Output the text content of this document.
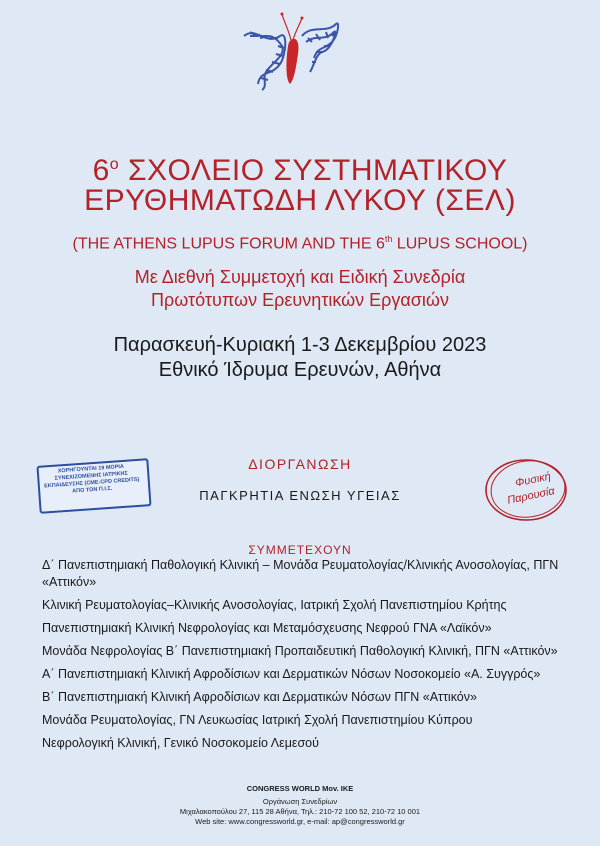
$6^o$ ΣΧΟΛΕΙΟ ΣΥΣΤΗΜΑΤΙΚΟΥ
ΕΡΥΘΗΜΑΤΩΔΗ ΛΥΚΟΥ (ΣΕΛ)
(THE ATHENS LUPUS FORUM AND THE 6th LUPUS SCHOOL)
Με Διεθνή Συμμετοχή και Ειδική Συνεδρία
Πρωτότυπων Ερευνητικών Εργασιών
Παρασκευή-Κυριακή 1-3 Δεκεμβρίου 2023
Εθνικό Ίδρυμα Ερευνών, Αθήνα
ΧΟΡΗΓΟΥΝΤΑΙ 19 ΜΟΡΙΑ ΣΥΝΕΧΙΖΟΜΕΝΗΣ ΙΑΤΡΙΚΗΣ ΕΚΠΑΙΔΕΥΣΗΣ (CME-CPD CREDITS) ΑΠΟ ΤΟΝ Π.Ι.Σ.
ΔΙΟΡΓΑΝΩΣΗ
ΠΑΓΚΡΗΤΙΑ ΕΝΩΣΗ ΥΓΕΙΑΣ
Φυσική
Παρουσία
ΣΥΜΜΕΤΕΧΟΥΝ
Δ΄ Πανεπιστημιακή Παθολογική Κλινική – Μονάδα Ρευματολογίας/Κλινικής Ανοσολογίας, ΠΓΝ «Αττικόν»
Κλινική Ρευματολογίας–Κλινικής Ανοσολογίας, Ιατρική Σχολή Πανεπιστημίου Κρήτης
Πανεπιστημιακή Κλινική Νεφρολογίας και Μεταμόσχευσης Νεφρού ΓΝΑ «Λαϊκόν»
Μονάδα Νεφρολογίας Β΄ Πανεπιστημιακή Προπαιδευτική Παθολογική Κλινική, ΠΓΝ «Αττικόν»
Α΄ Πανεπιστημιακή Κλινική Αφροδίσιων και Δερματικών Νόσων Νοσοκομείο «Α. Συγγρός»
Β΄ Πανεπιστημιακή Κλινική Αφροδίσιων και Δερματικών Νόσων ΠΓΝ «Αττικόν»
Μονάδα Ρευματολογίας, ΓΝ Λευκωσίας Ιατρική Σχολή Πανεπιστημίου Κύπρου
Νεφρολογική Κλινική, Γενικό Νοσοκομείο Λεμεσού
CONGRESS WORLD Mov. IKE
Οργάνωση Συνεδρίων
Μιχαλακοπούλου 27, 115 28 Αθήνα, Τηλ.: 210-72 100 52, 210-72 10 001
Web site: www.congressworld.gr, e-mail: ap@congressworld.gr
